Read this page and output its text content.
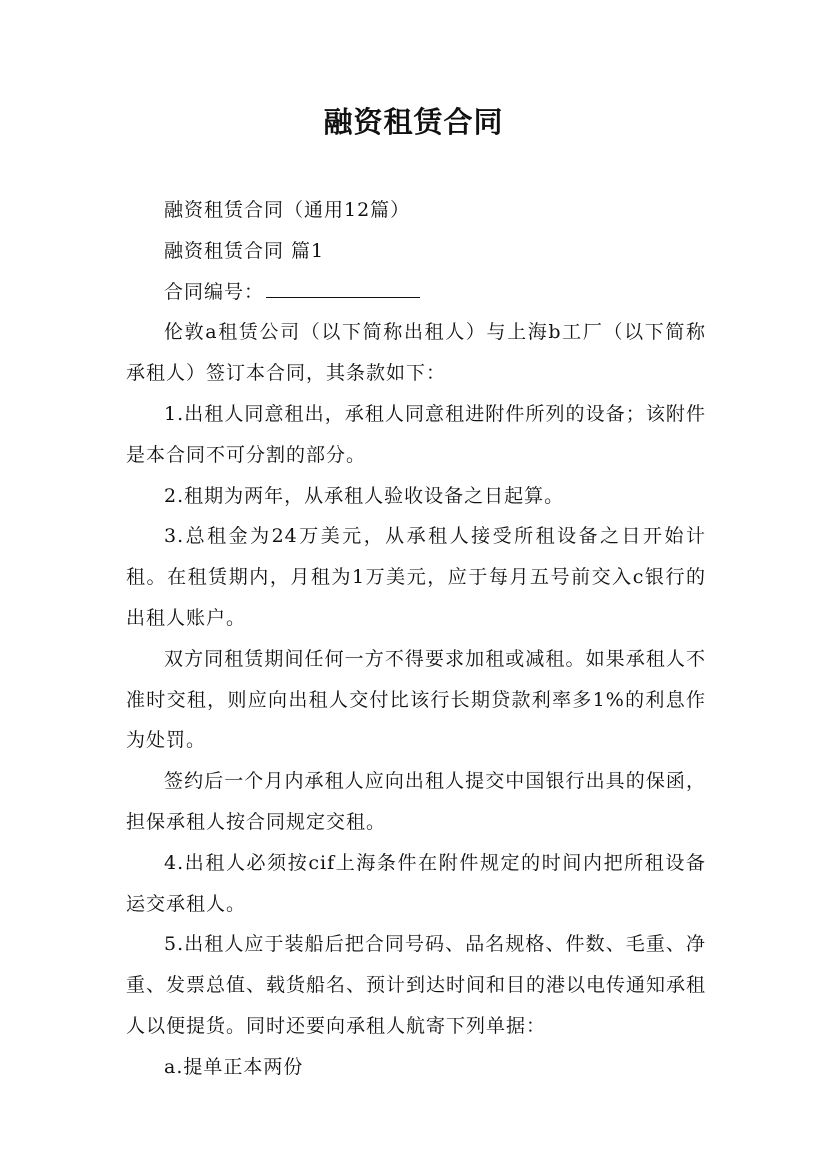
融资租赁合同

融资租赁合同（通用12篇）

融资租赁合同 篇1

合同编号：

伦敦a租赁公司（以下简称出租人）与上海b工厂（以下简称承租人）签订本合同，其条款如下：

1.出租人同意租出，承租人同意租进附件所列的设备；该附件是本合同不可分割的部分。

2.租期为两年，从承租人验收设备之日起算。

3.总租金为24万美元，从承租人接受所租设备之日开始计租。在租赁期内，月租为1万美元，应于每月五号前交入c银行的出租人账户。

双方同租赁期间任何一方不得要求加租或减租。如果承租人不准时交租，则应向出租人交付比该行长期贷款利率多1%的利息作为处罚。

签约后一个月内承租人应向出租人提交中国银行出具的保函，担保承租人按合同规定交租。

4.出租人必须按cif上海条件在附件规定的时间内把所租设备运交承租人。

5.出租人应于装船后把合同号码、品名规格、件数、毛重、净重、发票总值、载货船名、预计到达时间和目的港以电传通知承租人以便提货。同时还要向承租人航寄下列单据：

a.提单正本两份
